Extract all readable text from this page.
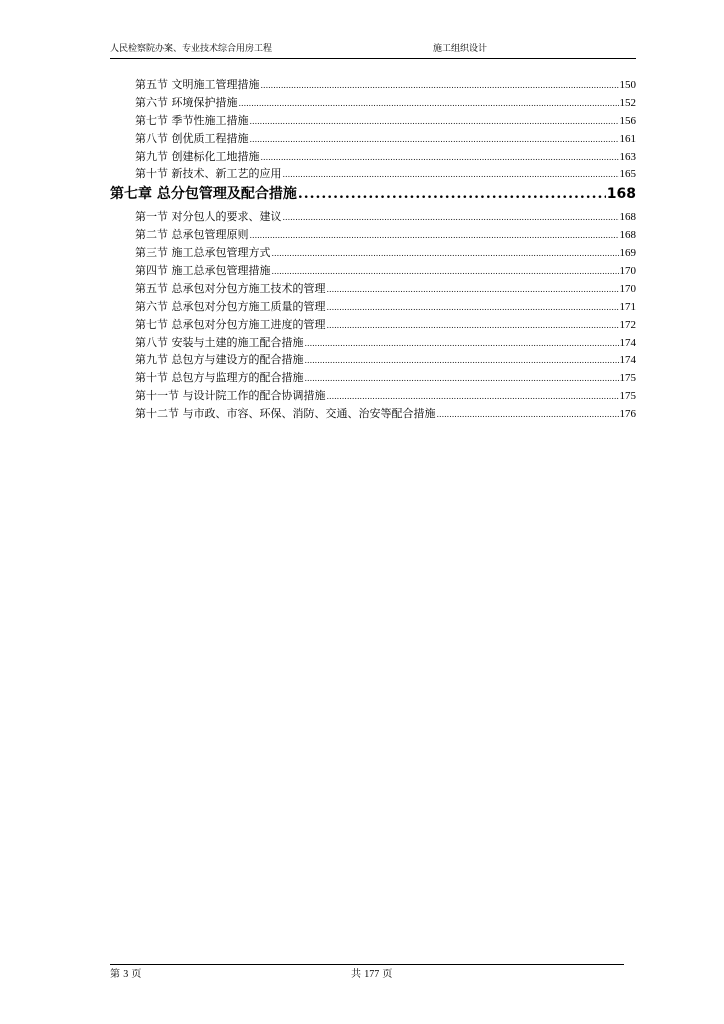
人民检察院办案、专业技术综合用房工程	施工组织设计
第五节 文明施工管理措施 .....	150
第六节 环境保护措施 .....	152
第七节 季节性施工措施 .....	156
第八节 创优质工程措施 .....	161
第九节 创建标化工地措施 .....	163
第十节 新技术、新工艺的应用 .....	165
第七章 总分包管理及配合措施 .....	168
第一节 对分包人的要求、建议 .....	168
第二节 总承包管理原则 .....	168
第三节 施工总承包管理方式 .....	169
第四节 施工总承包管理措施 .....	170
第五节 总承包对分包方施工技术的管理 .....	170
第六节 总承包对分包方施工质量的管理 .....	171
第七节 总承包对分包方施工进度的管理 .....	172
第八节 安装与土建的施工配合措施 .....	174
第九节 总包方与建设方的配合措施 .....	174
第十节 总包方与监理方的配合措施 .....	175
第十一节 与设计院工作的配合协调措施 .....	175
第十二节 与市政、市容、环保、消防、交通、治安等配合措施 .....	176
第 3 页	共 177 页
